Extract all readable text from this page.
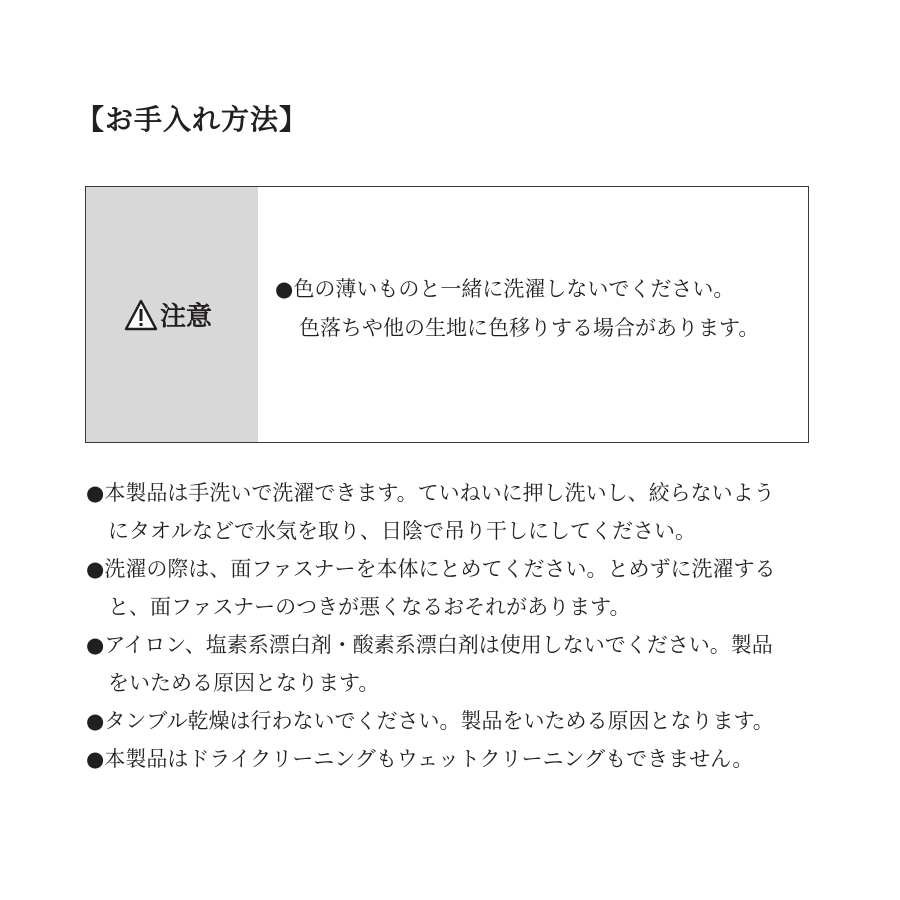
【お手入れ方法】
注意
●色の薄いものと一緒に洗濯しないでください。
色落ちや他の生地に色移りする場合があります。
●本製品は手洗いで洗濯できます。ていねいに押し洗いし、絞らないよう
にタオルなどで水気を取り、日陰で吊り干しにしてください。
●洗濯の際は、面ファスナーを本体にとめてください。とめずに洗濯する
と、面ファスナーのつきが悪くなるおそれがあります。
●アイロン、塩素系漂白剤・酸素系漂白剤は使用しないでください。製品
をいためる原因となります。
●タンブル乾燥は行わないでください。製品をいためる原因となります。
●本製品はドライクリーニングもウェットクリーニングもできません。
